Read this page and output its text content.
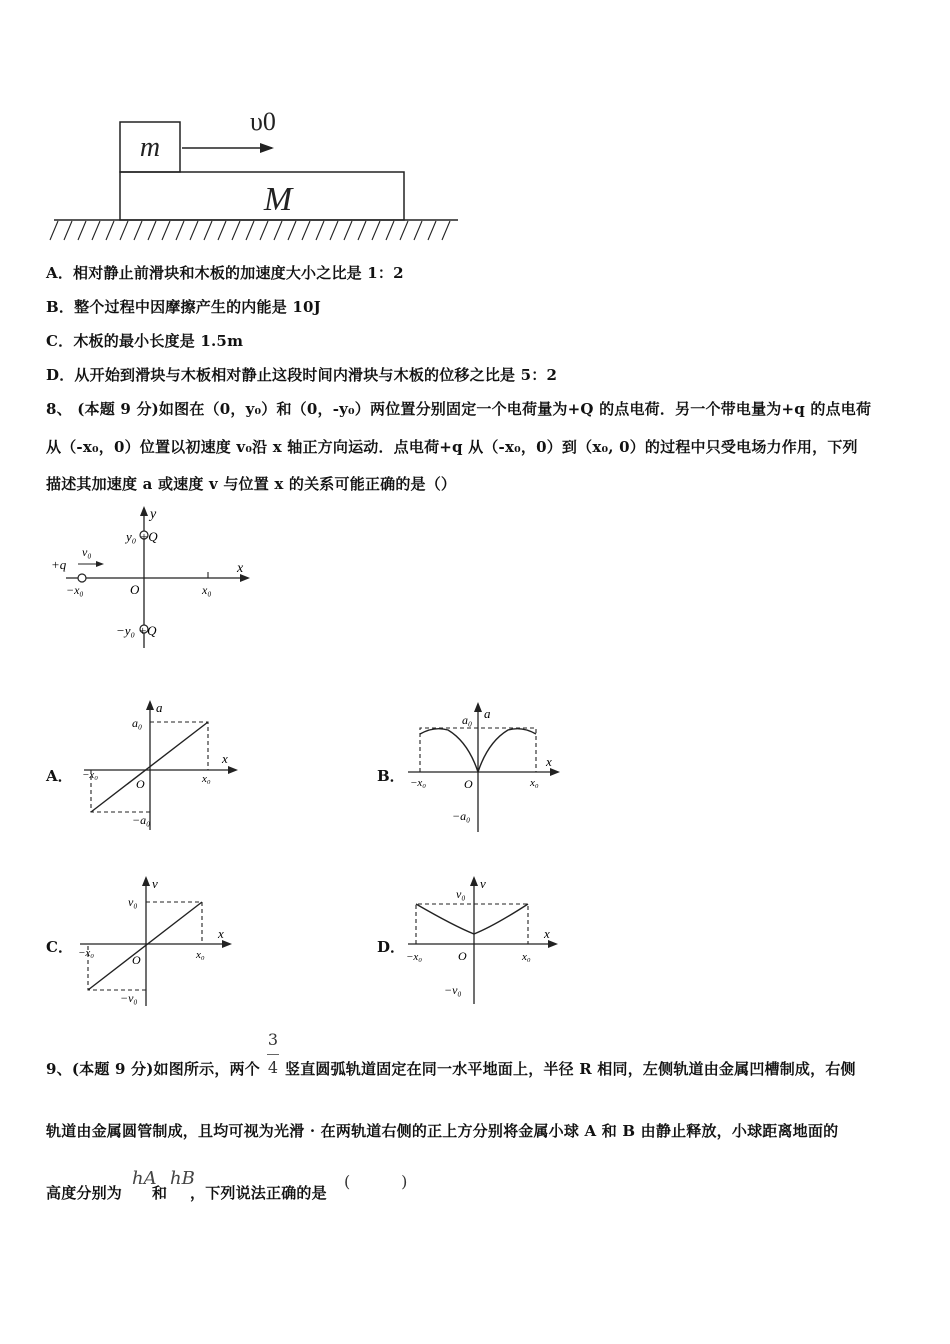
m
M
υ0
A．相对静止前滑块和木板的加速度大小之比是 1：2
B．整个过程中因摩擦产生的内能是 10J
C．木板的最小长度是 1.5m
D．从开始到滑块与木板相对静止这段时间内滑块与木板的位移之比是 5：2
8、 (本题 9 分)如图在（0，y₀）和（0，-y₀）两位置分别固定一个电荷量为+Q 的点电荷．另一个带电量为+q 的点电荷
从（-x₀，0）位置以初速度 v₀沿 x 轴正方向运动．点电荷+q 从（-x₀，0）到（x₀, 0）的过程中只受电场力作用，下列
描述其加速度 a 或速度 v 与位置 x 的关系可能正确的是（）
x
y
y₀ +Q
−y₀ +Q
+q
v₀
−x₀	x₀
O
A．
x
a
a₀
−a₀
−x₀	x₀
O	B．
x
a
a₀
−a₀
−x₀	x₀
O
C．
x
v
v₀
−v₀
−x₀	x₀
O
D．
x
v
v₀
−v₀
−x₀	x₀
O
9、(本题 9 分)如图所示，两个
3
4 竖直圆弧轨道固定在同一水平地面上，半径 R 相同，左侧轨道由金属凹槽制成，右侧
轨道由金属圆管制成，且均可视为光滑 · 在两轨道右侧的正上方分别将金属小球 A 和 B 由静止释放，小球距离地面的
高度分别为
hA
和
hB
，下列说法正确的是
(          )
